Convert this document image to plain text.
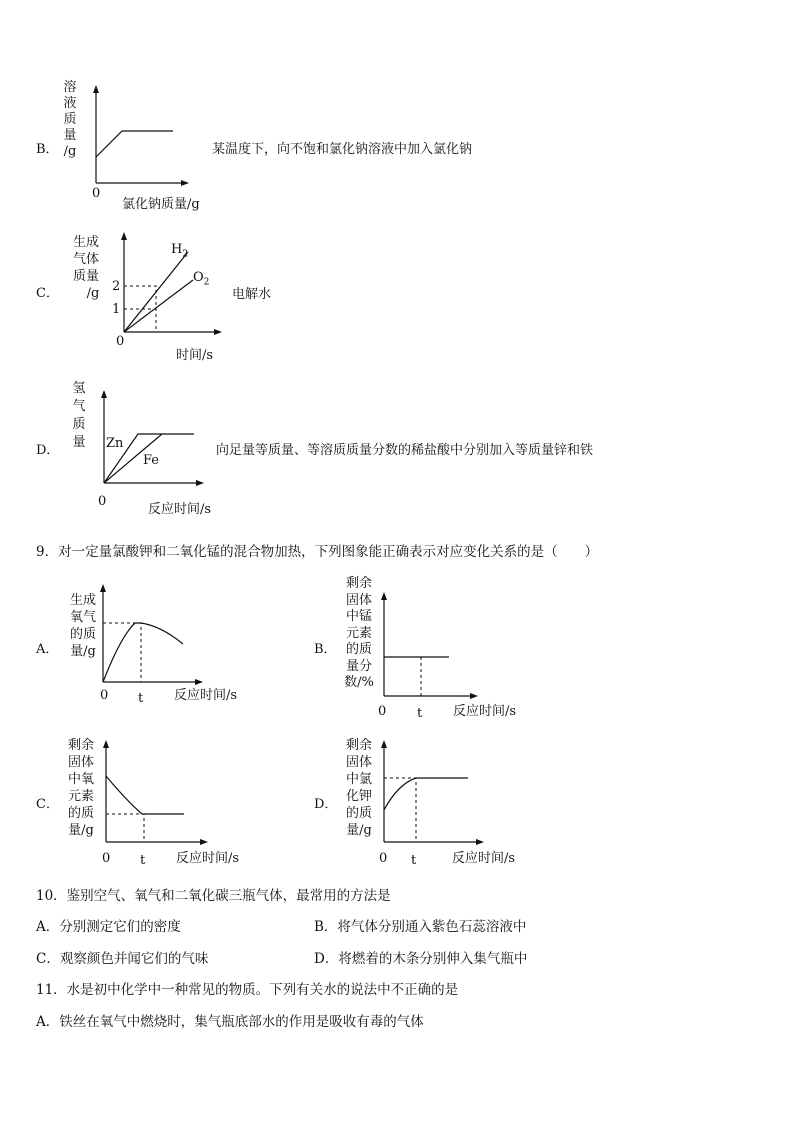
B．
溶
液
质
量
/g
0
氯化钠质量/g
某温度下，向不饱和氯化钠溶液中加入氯化钠
C．
生成
气体
质量
/g 2
1
0
时间/s
$H_2$
$O_2$
电解水
D．
氢
气
质
量	Zn
Fe
0
反应时间/s
向足量等质量、等溶质质量分数的稀盐酸中分别加入等质量锌和铁
9．对一定量氯酸钾和二氧化锰的混合物加热，下列图象能正确表示对应变化关系的是（　　）
A．
生成
氧气
的质
量/g
0 t 反应时间/s
B．
剩余
固体
中锰
元素
的质
量分
数/%
0 t 反应时间/s
C．
剩余
固体
中氧
元素
的质
量/g
0 t 反应时间/s
D．
剩余
固体
中氯
化钾
的质
量/g
0 t	反应时间/s
10．鉴别空气、氧气和二氧化碳三瓶气体，最常用的方法是
A．分别测定它们的密度	B．将气体分别通入紫色石蕊溶液中
C．观察颜色并闻它们的气味	D．将燃着的木条分别伸入集气瓶中
11．水是初中化学中一种常见的物质。下列有关水的说法中不正确的是
A．铁丝在氧气中燃烧时，集气瓶底部水的作用是吸收有毒的气体
